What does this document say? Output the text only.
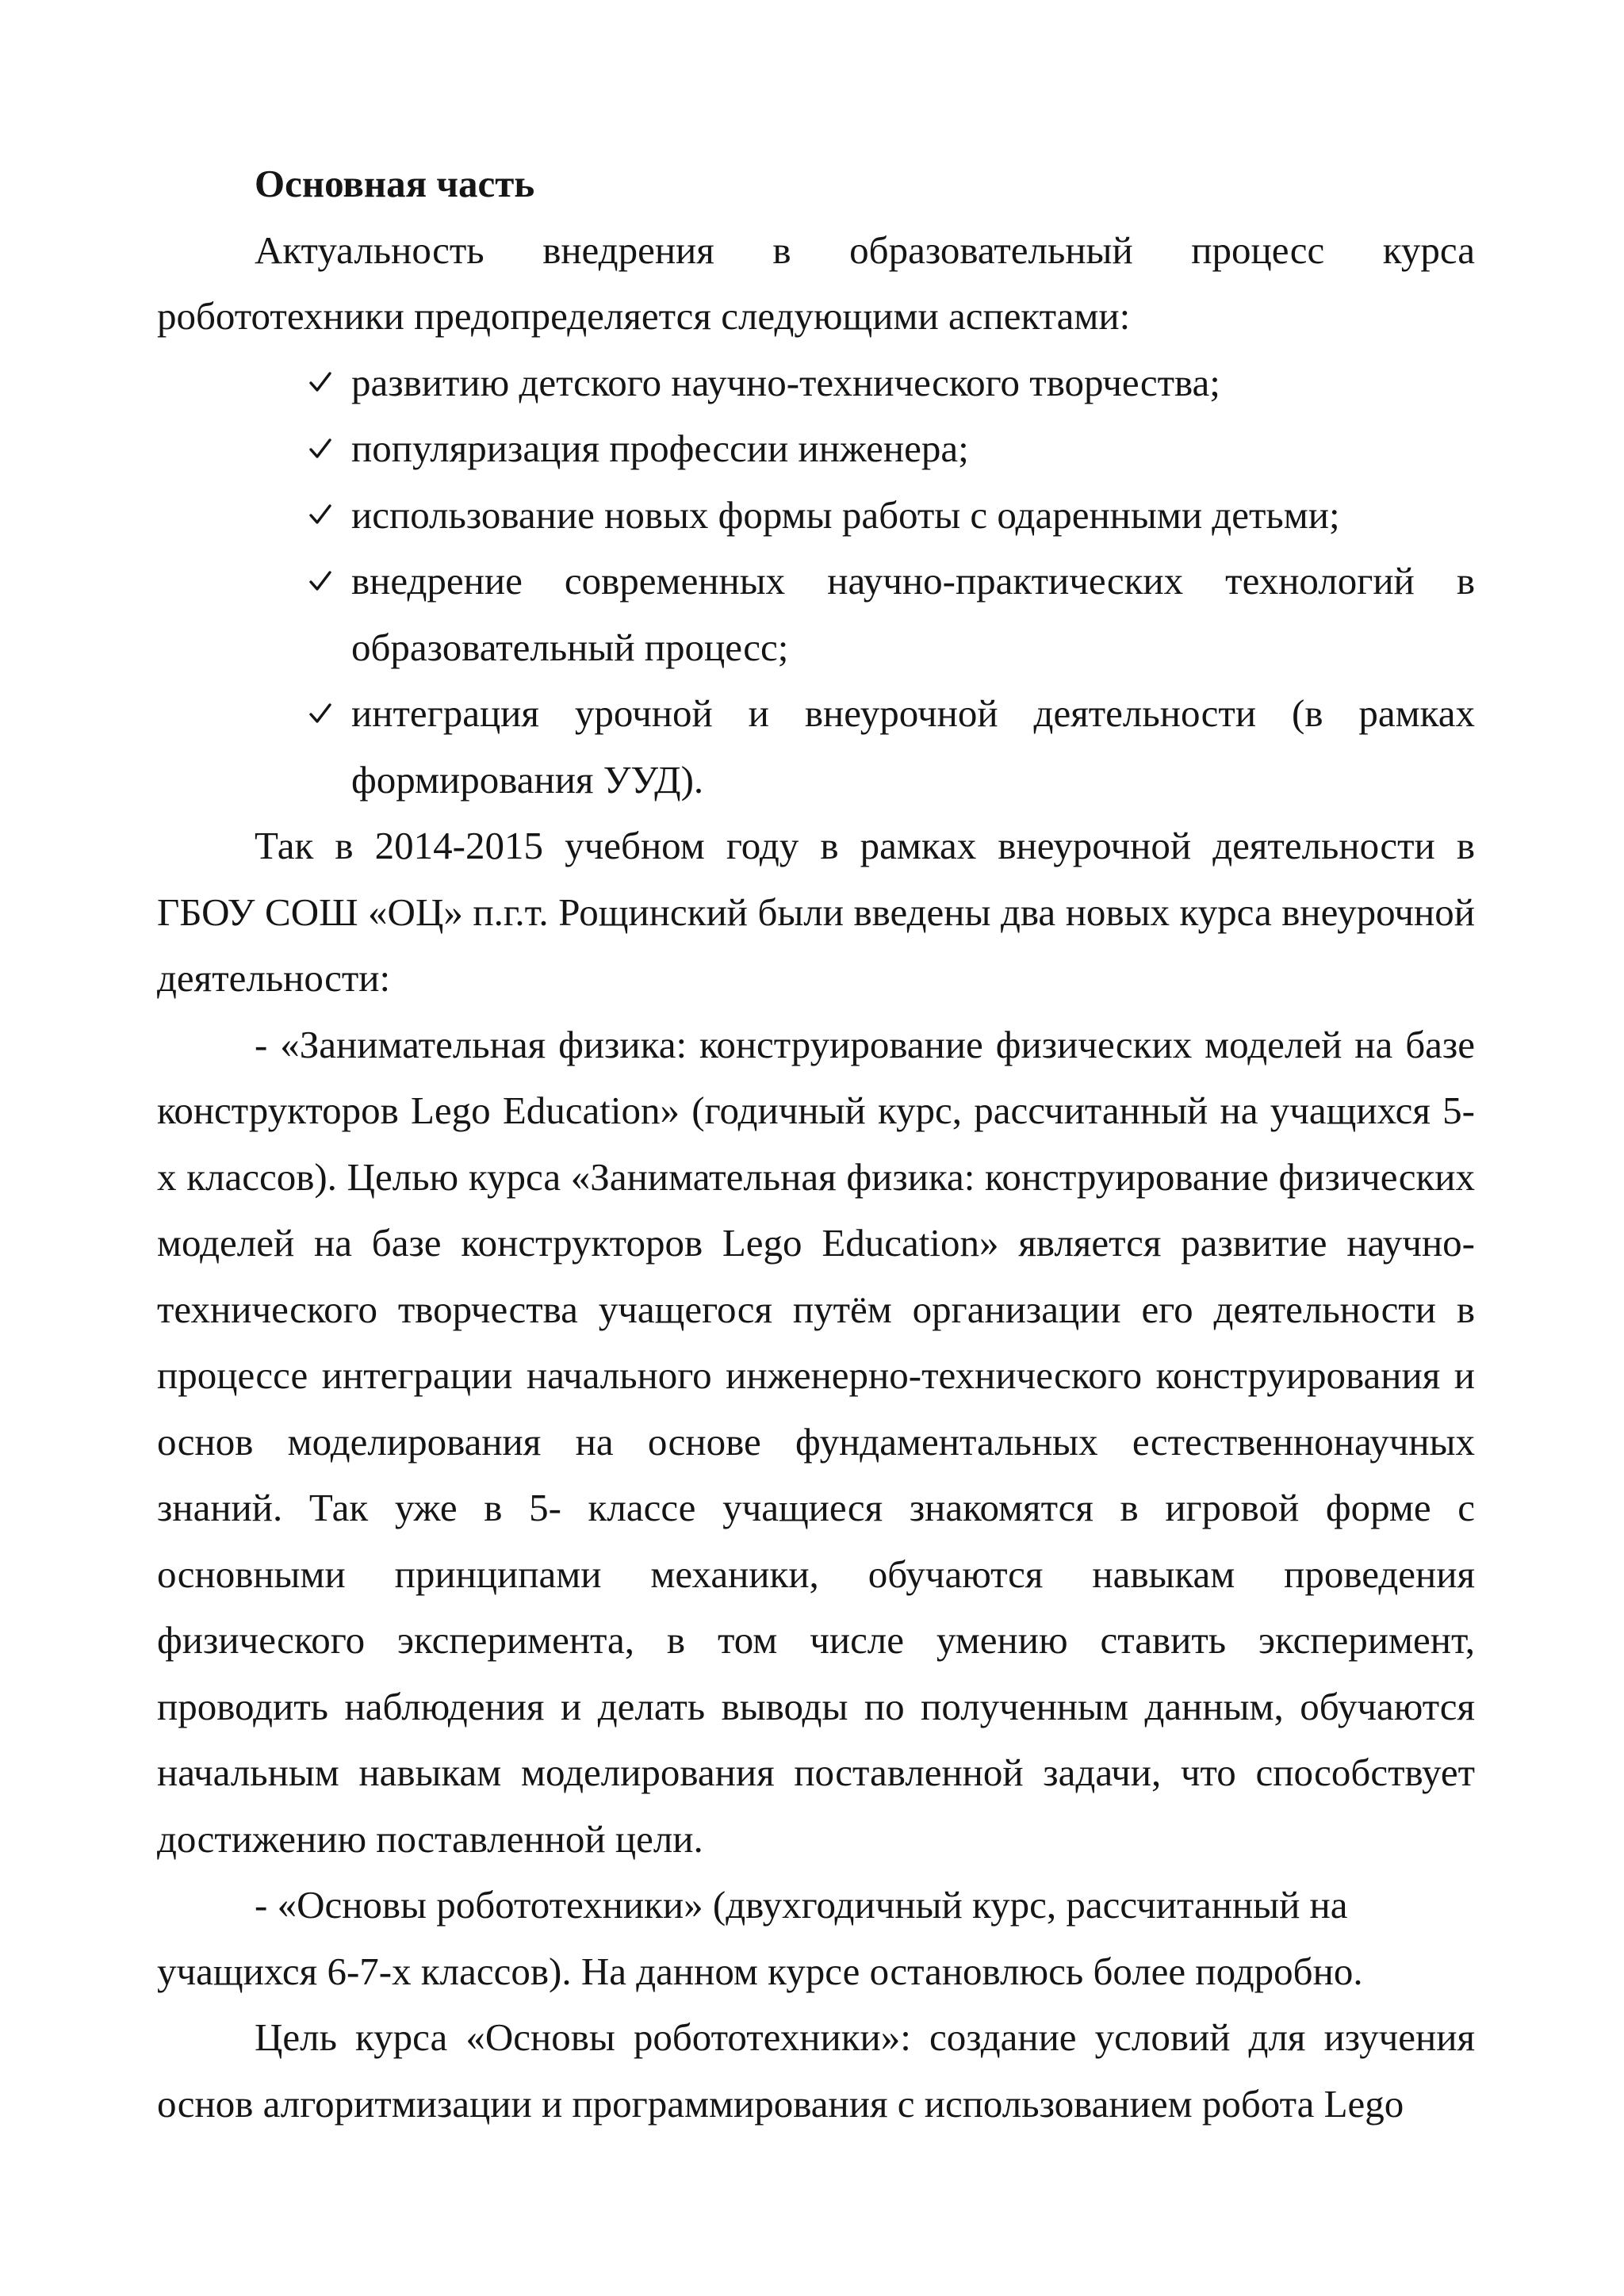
Основная часть

Актуальность внедрения в образовательный процесс курса робототехники предопределяется следующими аспектами:

развитию детского научно-технического творчества;
популяризация профессии инженера;
использование новых формы работы с одаренными детьми;
внедрение современных научно-практических технологий в образовательный процесс;
интеграция урочной и внеурочной деятельности (в рамках формирования УУД).

Так в 2014-2015 учебном году в рамках внеурочной деятельности в ГБОУ СОШ «ОЦ» п.г.т. Рощинский были введены два новых курса внеурочной деятельности:

- «Занимательная физика: конструирование физических моделей на базе конструкторов Lego Education» (годичный курс, рассчитанный на учащихся 5-х классов). Целью курса «Занимательная физика: конструирование физических моделей на базе конструкторов Lego Education» является развитие научно-технического творчества учащегося путём организации его деятельности в процессе интеграции начального инженерно-технического конструирования и основ моделирования на основе фундаментальных естественнонаучных знаний. Так уже в 5- классе учащиеся знакомятся в игровой форме с основными принципами механики, обучаются навыкам проведения физического эксперимента, в том числе умению ставить эксперимент, проводить наблюдения и делать выводы по полученным данным, обучаются начальным навыкам моделирования поставленной задачи, что способствует достижению поставленной цели.

- «Основы робототехники» (двухгодичный курс, рассчитанный на учащихся 6-7-х классов). На данном курсе остановлюсь более подробно.

Цель курса «Основы робототехники»: создание условий для изучения основ алгоритмизации и программирования с использованием робота Lego
